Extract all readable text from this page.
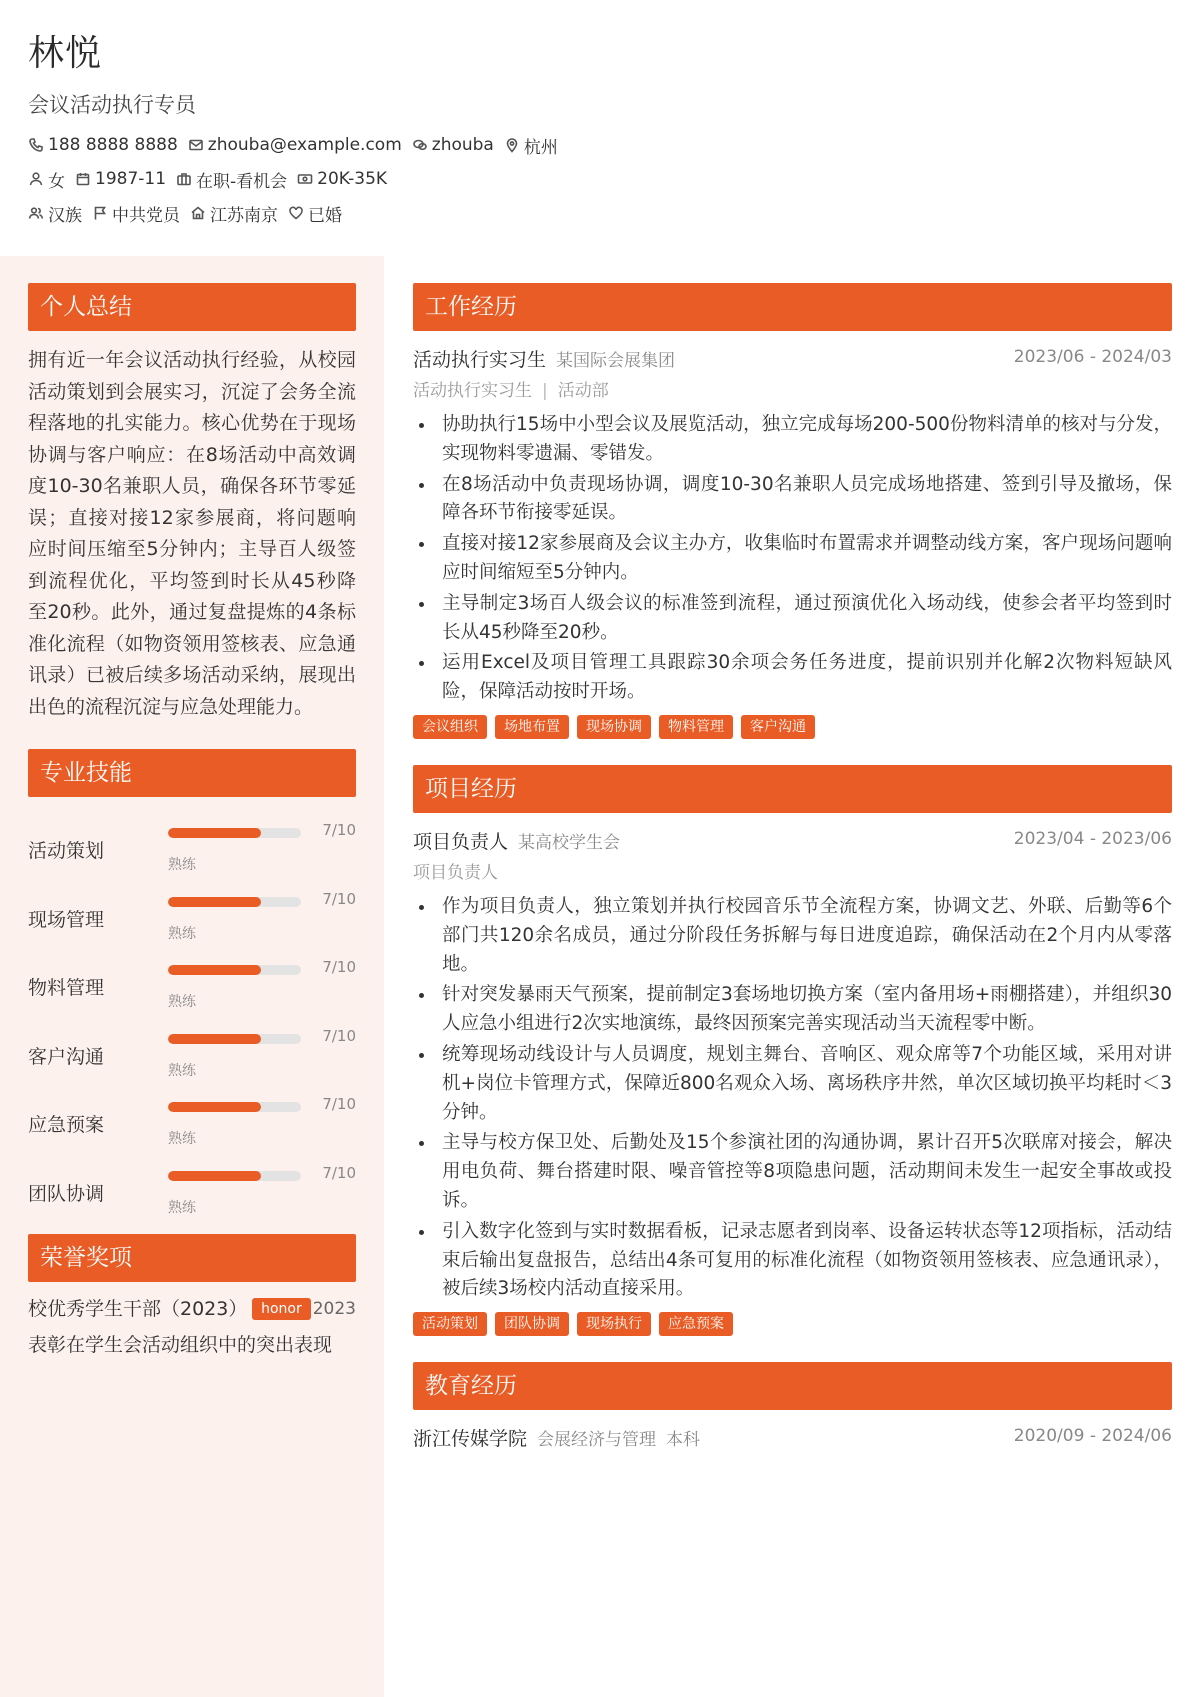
林悦
会议活动执行专员
188 8888 8888 zhouba@example.com zhouba 杭州
女 1987-11 在职-看机会 20K-35K
汉族 中共党员 江苏南京 已婚
个人总结
拥有近一年会议活动执行经验，从校园活动策划到会展实习，沉淀了会务全流程落地的扎实能力。核心优势在于现场协调与客户响应：在8场活动中高效调度10-30名兼职人员，确保各环节零延误；直接对接12家参展商，将问题响应时间压缩至5分钟内；主导百人级签到流程优化，平均签到时长从45秒降至20秒。此外，通过复盘提炼的4条标准化流程（如物资领用签核表、应急通讯录）已被后续多场活动采纳，展现出出色的流程沉淀与应急处理能力。
专业技能
活动策划
熟练
7/10
现场管理
熟练
7/10
物料管理
熟练
7/10
客户沟通
熟练
7/10
应急预案
熟练
7/10
团队协调
熟练
7/10
荣誉奖项
校优秀学生干部（2023） honor 2023
表彰在学生会活动组织中的突出表现
工作经历
活动执行实习生 某国际会展集团	2023/06 - 2024/03
活动执行实习生 | 活动部
协助执行15场中小型会议及展览活动，独立完成每场200-500份物料清单的核对与分发，实现物料零遗漏、零错发。
在8场活动中负责现场协调，调度10-30名兼职人员完成场地搭建、签到引导及撤场，保障各环节衔接零延误。
直接对接12家参展商及会议主办方，收集临时布置需求并调整动线方案，客户现场问题响应时间缩短至5分钟内。
主导制定3场百人级会议的标准签到流程，通过预演优化入场动线，使参会者平均签到时长从45秒降至20秒。
运用Excel及项目管理工具跟踪30余项会务任务进度，提前识别并化解2次物料短缺风险，保障活动按时开场。
会议组织	场地布置	现场协调	物料管理	客户沟通
项目经历
项目负责人 某高校学生会	2023/04 - 2023/06
项目负责人
作为项目负责人，独立策划并执行校园音乐节全流程方案，协调文艺、外联、后勤等6个部门共120余名成员，通过分阶段任务拆解与每日进度追踪，确保活动在2个月内从零落地。
针对突发暴雨天气预案，提前制定3套场地切换方案（室内备用场+雨棚搭建），并组织30人应急小组进行2次实地演练，最终因预案完善实现活动当天流程零中断。
统筹现场动线设计与人员调度，规划主舞台、音响区、观众席等7个功能区域，采用对讲机+岗位卡管理方式，保障近800名观众入场、离场秩序井然，单次区域切换平均耗时＜3分钟。
主导与校方保卫处、后勤处及15个参演社团的沟通协调，累计召开5次联席对接会，解决用电负荷、舞台搭建时限、噪音管控等8项隐患问题，活动期间未发生一起安全事故或投诉。
引入数字化签到与实时数据看板，记录志愿者到岗率、设备运转状态等12项指标，活动结束后输出复盘报告，总结出4条可复用的标准化流程（如物资领用签核表、应急通讯录），被后续3场校内活动直接采用。
活动策划	团队协调	现场执行	应急预案
教育经历
浙江传媒学院 会展经济与管理 本科	2020/09 - 2024/06
